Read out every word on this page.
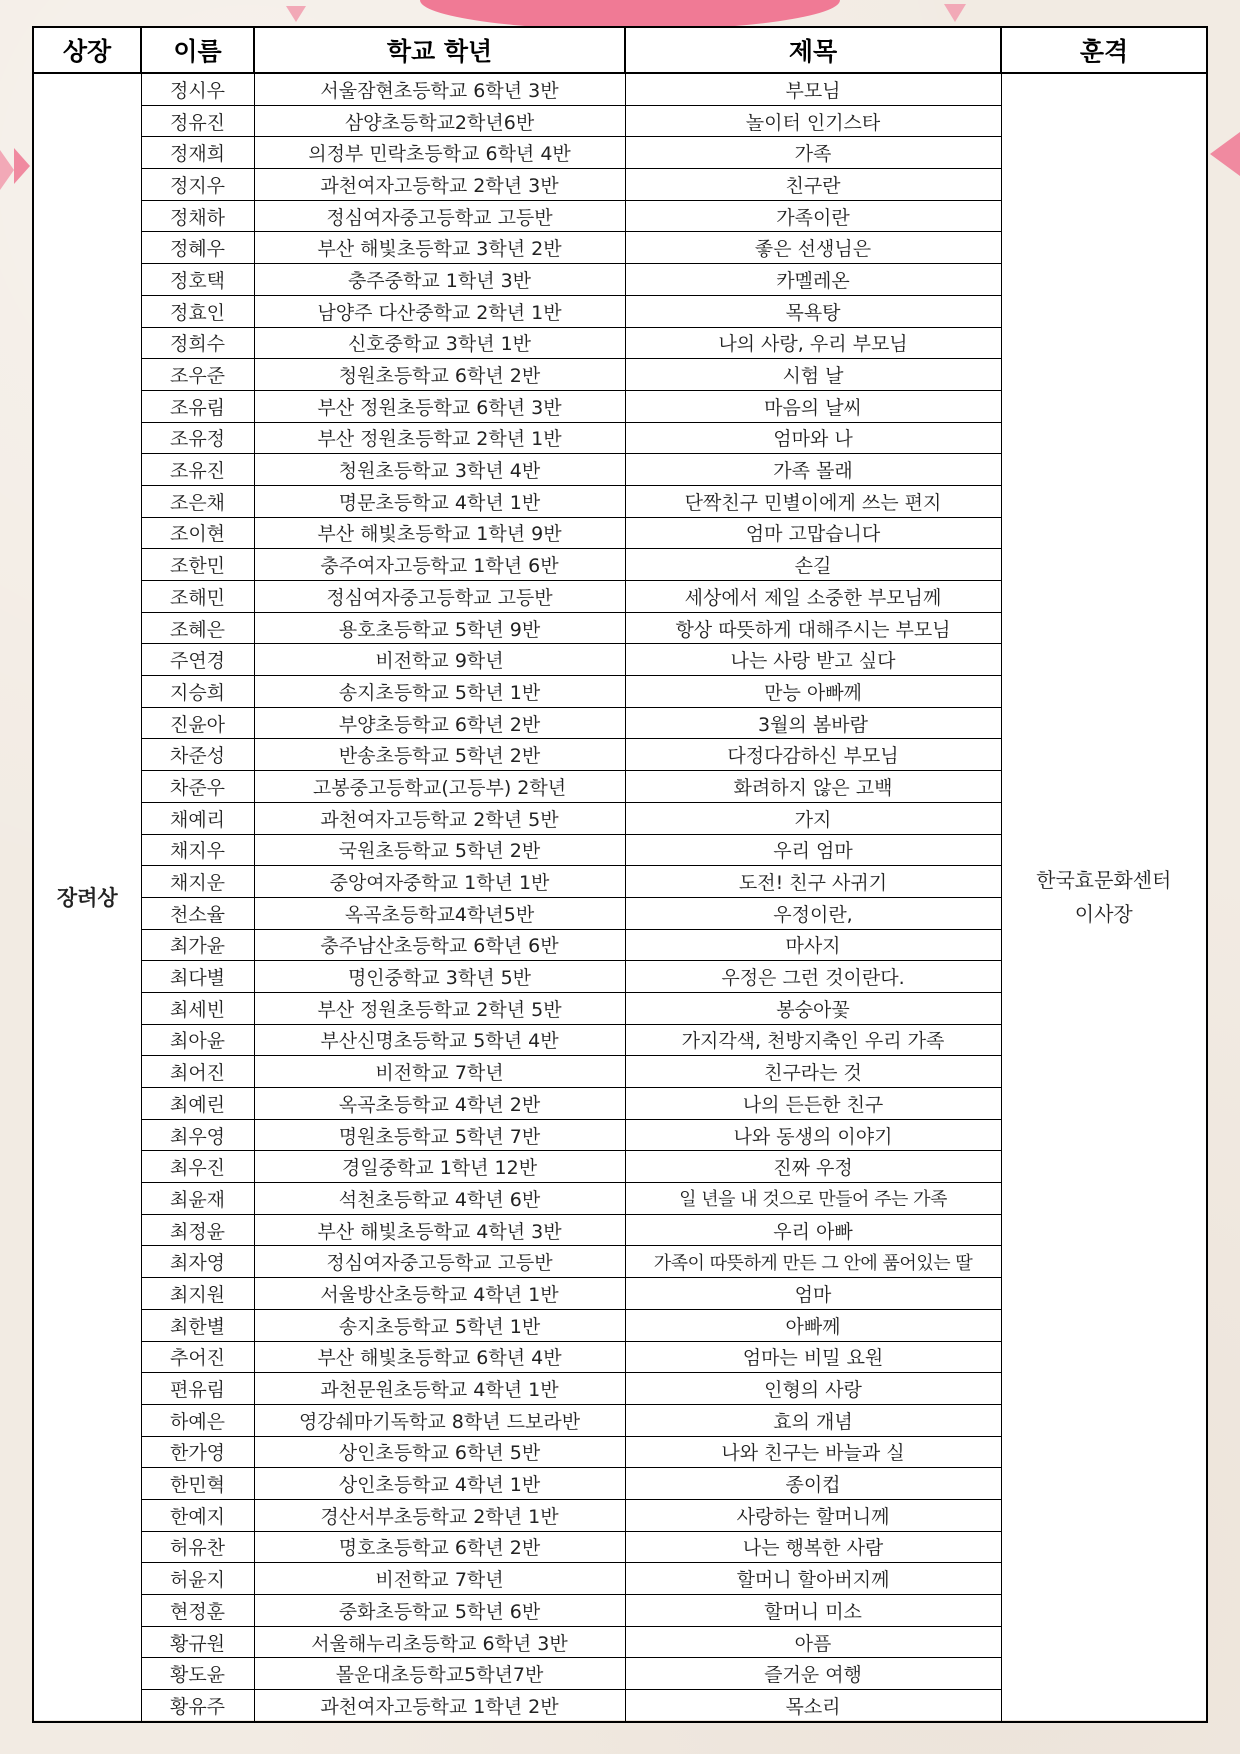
상장	이름	학교 학년	제목	훈격
장려상	정시우	서울잠현초등학교 6학년 3반	부모님	한국효문화센터
이사장

	정유진	삼양초등학교2학년6반	놀이터 인기스타	
	정재희	의정부 민락초등학교 6학년 4반	가족	
	정지우	과천여자고등학교 2학년 3반	친구란	
	정채하	정심여자중고등학교 고등반	가족이란	
	정혜우	부산 해빛초등학교 3학년 2반	좋은 선생님은	
	정호택	충주중학교 1학년 3반	카멜레온	
	정효인	남양주 다산중학교 2학년 1반	목욕탕	
	정희수	신호중학교 3학년 1반	나의 사랑, 우리 부모님	
	조우준	청원초등학교 6학년 2반	시험 날	
	조유림	부산 정원초등학교 6학년 3반	마음의 날씨	
	조유정	부산 정원초등학교 2학년 1반	엄마와 나	
	조유진	청원초등학교 3학년 4반	가족 몰래	
	조은채	명문초등학교 4학년 1반	단짝친구 민별이에게 쓰는 편지	
	조이현	부산 해빛초등학교 1학년 9반	엄마 고맙습니다	
	조한민	충주여자고등학교 1학년 6반	손길	
	조해민	정심여자중고등학교 고등반	세상에서 제일 소중한 부모님께	
	조혜은	용호초등학교 5학년 9반	항상 따뜻하게 대해주시는 부모님	
	주연경	비전학교 9학년	나는 사랑 받고 싶다	
	지승희	송지초등학교 5학년 1반	만능 아빠께	
	진윤아	부양초등학교 6학년 2반	3월의 봄바람	
	차준성	반송초등학교 5학년 2반	다정다감하신 부모님	
	차준우	고봉중고등학교(고등부) 2학년	화려하지 않은 고백	
	채예리	과천여자고등학교 2학년 5반	가지	
	채지우	국원초등학교 5학년 2반	우리 엄마	
	채지운	중앙여자중학교 1학년 1반	도전! 친구 사귀기	
	천소율	옥곡초등학교4학년5반	우정이란,	
	최가윤	충주남산초등학교 6학년 6반	마사지	
	최다별	명인중학교 3학년 5반	우정은 그런 것이란다.	
	최세빈	부산 정원초등학교 2학년 5반	봉숭아꽃	
	최아윤	부산신명초등학교 5학년 4반	가지각색, 천방지축인 우리 가족	
	최어진	비전학교 7학년	친구라는 것	
	최예린	옥곡초등학교 4학년 2반	나의 든든한 친구	
	최우영	명원초등학교 5학년 7반	나와 동생의 이야기	
	최우진	경일중학교 1학년 12반	진짜 우정	
	최윤재	석천초등학교 4학년 6반	일 년을 내 것으로 만들어 주는 가족	
	최정윤	부산 해빛초등학교 4학년 3반	우리 아빠	
	최자영	정심여자중고등학교 고등반	가족이 따뜻하게 만든 그 안에 품어있는 딸	
	최지원	서울방산초등학교 4학년 1반	엄마	
	최한별	송지초등학교 5학년 1반	아빠께	
	추어진	부산 해빛초등학교 6학년 4반	엄마는 비밀 요원	
	편유림	과천문원초등학교 4학년 1반	인형의 사랑	
	하예은	영강쉐마기독학교 8학년 드보라반	효의 개념	
	한가영	상인초등학교 6학년 5반	나와 친구는 바늘과 실	
	한민혁	상인초등학교 4학년 1반	종이컵	
	한예지	경산서부초등학교 2학년 1반	사랑하는 할머니께	
	허유찬	명호초등학교 6학년 2반	나는 행복한 사람	
	허윤지	비전학교 7학년	할머니 할아버지께	
	현정훈	중화초등학교 5학년 6반	할머니 미소	
	황규원	서울해누리초등학교 6학년 3반	아픔	
	황도윤	몰운대초등학교5학년7반	즐거운 여행	
	황유주	과천여자고등학교 1학년 2반	목소리	
